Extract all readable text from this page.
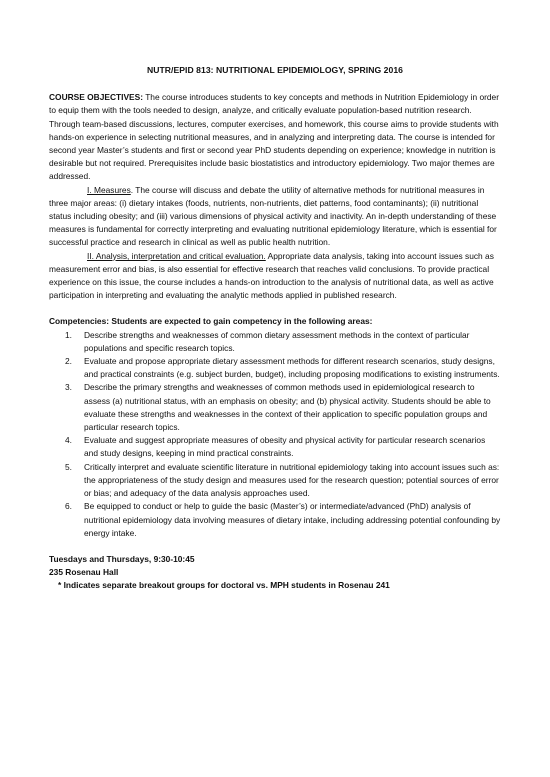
NUTR/EPID 813: NUTRITIONAL EPIDEMIOLOGY, SPRING 2016

COURSE OBJECTIVES: The course introduces students to key concepts and methods in Nutrition Epidemiology in order to equip them with the tools needed to design, analyze, and critically evaluate population-based nutrition research. Through team-based discussions, lectures, computer exercises, and homework, this course aims to provide students with hands-on experience in selecting nutritional measures, and in analyzing and interpreting data. The course is intended for second year Master’s students and first or second year PhD students depending on experience; knowledge in nutrition is desirable but not required. Prerequisites include basic biostatistics and introductory epidemiology. Two major themes are addressed.

I. Measures. The course will discuss and debate the utility of alternative methods for nutritional measures in three major areas: (i) dietary intakes (foods, nutrients, non-nutrients, diet patterns, food contaminants); (ii) nutritional status including obesity; and (iii) various dimensions of physical activity and inactivity. An in-depth understanding of these measures is fundamental for correctly interpreting and evaluating nutritional epidemiology literature, which is essential for successful practice and research in clinical as well as public health nutrition.

II. Analysis, interpretation and critical evaluation. Appropriate data analysis, taking into account issues such as measurement error and bias, is also essential for effective research that reaches valid conclusions. To provide practical experience on this issue, the course includes a hands-on introduction to the analysis of nutritional data, as well as active participation in interpreting and evaluating the analytic methods applied in published research.

Competencies: Students are expected to gain competency in the following areas:
1. Describe strengths and weaknesses of common dietary assessment methods in the context of particular populations and specific research topics.
2. Evaluate and propose appropriate dietary assessment methods for different research scenarios, study designs, and practical constraints (e.g. subject burden, budget), including proposing modifications to existing instruments.
3. Describe the primary strengths and weaknesses of common methods used in epidemiological research to assess (a) nutritional status, with an emphasis on obesity; and (b) physical activity. Students should be able to evaluate these strengths and weaknesses in the context of their application to specific population groups and particular research topics.
4. Evaluate and suggest appropriate measures of obesity and physical activity for particular research scenarios and study designs, keeping in mind practical constraints.
5. Critically interpret and evaluate scientific literature in nutritional epidemiology taking into account issues such as: the appropriateness of the study design and measures used for the research question; potential sources of error or bias; and adequacy of the data analysis approaches used.
6. Be equipped to conduct or help to guide the basic (Master’s) or intermediate/advanced (PhD) analysis of nutritional epidemiology data involving measures of dietary intake, including addressing potential confounding by energy intake.
Tuesdays and Thursdays, 9:30-10:45
235 Rosenau Hall
* Indicates separate breakout groups for doctoral vs. MPH students in Rosenau 241
